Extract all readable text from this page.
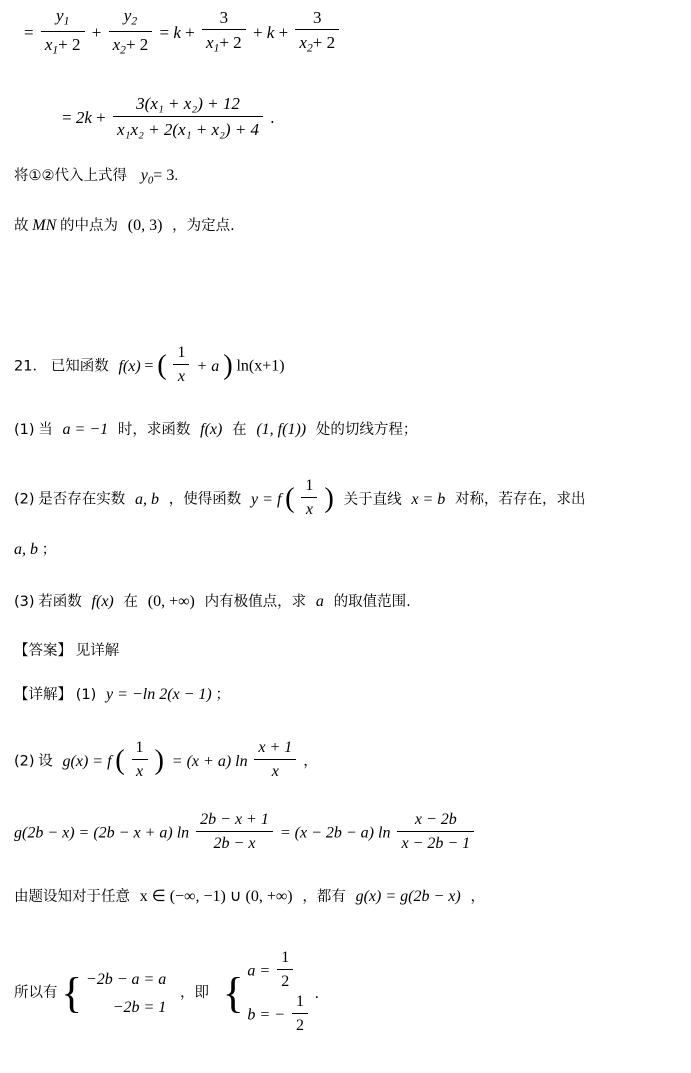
= $\frac{y_1}{x_1+ 2} + \frac{y_2}{x_2+ 2} = k + \frac{3}{x_1+ 2} + k + \frac{3}{x_2+ 2}$
= $2k + \frac{\text{3(x₁ + x₂) + 12}}{\text{x₁x₂ + 2(x₁ + x₂) + 4}}$ .
将①②代入上式得 $y_0= 3$.
故 MN 的中点为 (0, 3) ，为定点.
21． 已知函数 f(x) = ( $\frac{1}{x} + a$ ) ln(x+1)
(1) 当 a = −1 时，求函数 f(x) 在 (1, f(1)) 处的切线方程；
(2) 是否存在实数 a, b ，使得函数 y = f ( $\frac{1}{x}$ ) 关于直线 x = b 对称，若存在，求出
a, b ；
(3) 若函数 f(x) 在 (0, +∞) 内有极值点，求 a 的取值范围.
【答案】 见详解
【详解】 (1) y = −ln 2(x − 1) ；
(2) 设 g(x) = f ( $\frac{1}{x}$ ) = (x + a) $\ln \frac{x + 1}{x}$ ，
g(2b − x) = (2b − x + a) $\ln \frac{2b - x + 1}{2b - x} = (x - 2b - a)$ $\ln \frac{x - 2b}{x - 2b - 1}$
由题设知对于任意 x ∈ (−∞, −1) ∪ (0, +∞) ，都有 g(x) = g(2b − x) ，
所以有 { −2b − a = a
−2b = 1
，即 { $a = \frac{1}{2}$
b = − $\frac{1}{2}$ .
